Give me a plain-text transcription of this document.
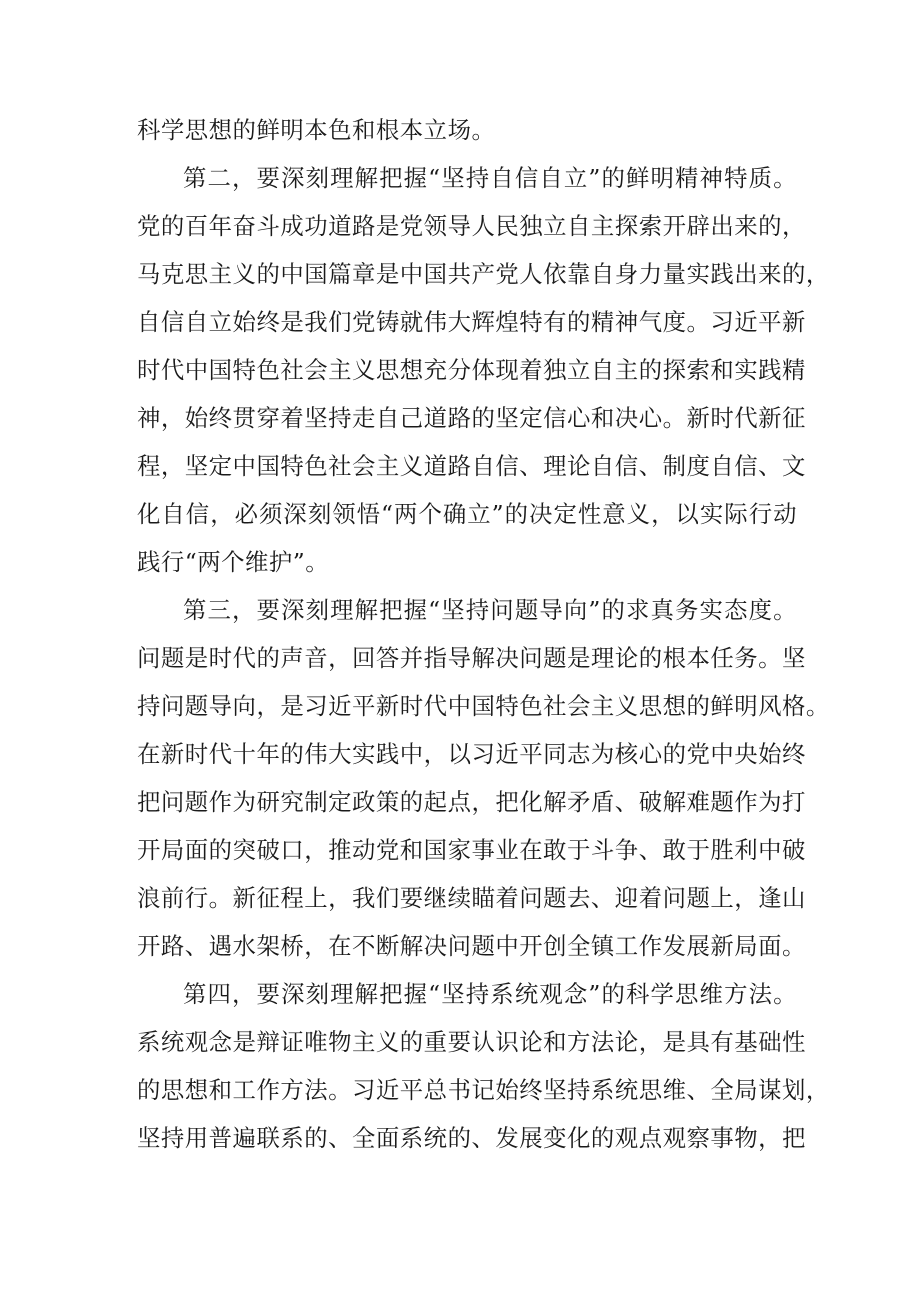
科学思想的鲜明本色和根本立场。
第二，要深刻理解把握“坚持自信自立”的鲜明精神特质。
党的百年奋斗成功道路是党领导人民独立自主探索开辟出来的，
马克思主义的中国篇章是中国共产党人依靠自身力量实践出来的，
自信自立始终是我们党铸就伟大辉煌特有的精神气度。习近平新
时代中国特色社会主义思想充分体现着独立自主的探索和实践精
神，始终贯穿着坚持走自己道路的坚定信心和决心。新时代新征
程，坚定中国特色社会主义道路自信、理论自信、制度自信、文
化自信，必须深刻领悟“两个确立”的决定性意义，以实际行动
践行“两个维护”。
第三，要深刻理解把握“坚持问题导向”的求真务实态度。
问题是时代的声音，回答并指导解决问题是理论的根本任务。坚
持问题导向，是习近平新时代中国特色社会主义思想的鲜明风格。
在新时代十年的伟大实践中，以习近平同志为核心的党中央始终
把问题作为研究制定政策的起点，把化解矛盾、破解难题作为打
开局面的突破口，推动党和国家事业在敢于斗争、敢于胜利中破
浪前行。新征程上，我们要继续瞄着问题去、迎着问题上，逢山
开路、遇水架桥，在不断解决问题中开创全镇工作发展新局面。
第四，要深刻理解把握“坚持系统观念”的科学思维方法。
系统观念是辩证唯物主义的重要认识论和方法论，是具有基础性
的思想和工作方法。习近平总书记始终坚持系统思维、全局谋划，
坚持用普遍联系的、全面系统的、发展变化的观点观察事物，把
